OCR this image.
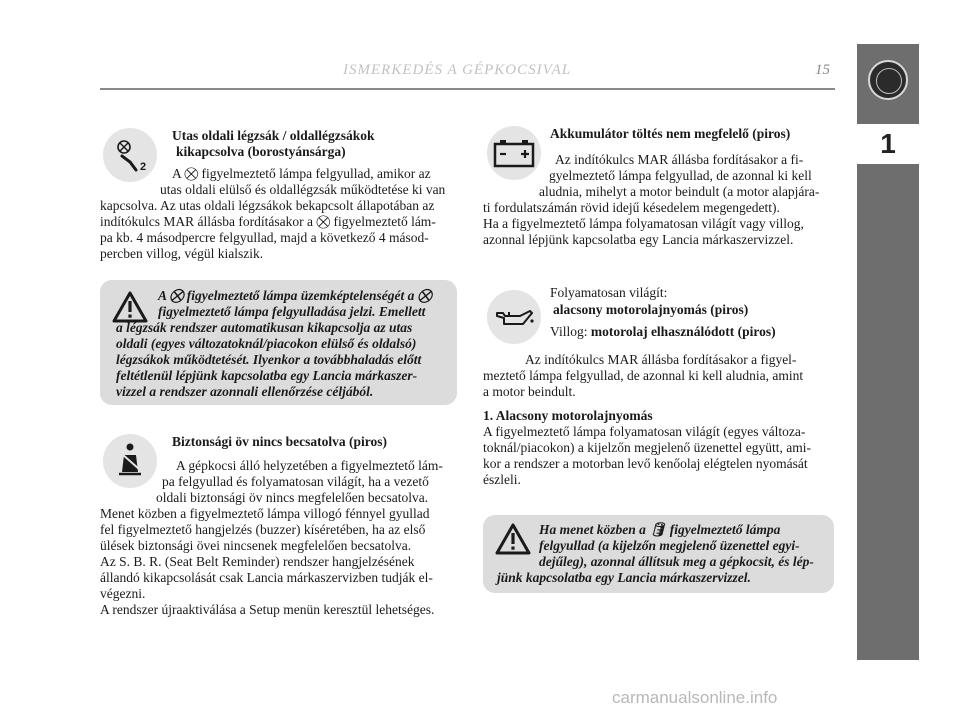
ISMERKEDÉS A GÉPKOCSIVAL	15
1
2
Utas oldali légzsák / oldallégzsákok
kikapcsolva (borostyánsárga)
A ⛒ figyelmeztető lámpa felgyullad, amikor az
utas oldali elülső és oldallégzsák működtetése ki van
kapcsolva. Az utas oldali légzsákok bekapcsolt állapotában az
indítókulcs MAR állásba fordításakor a ⛒ figyelmeztető lám-
pa kb. 4 másodpercre felgyullad, majd a következő 4 másod-
percben villog, végül kialszik.
A ⛒ figyelmeztető lámpa üzemképtelenségét a ⛒
figyelmeztető lámpa felgyulladása jelzi. Emellett
a légzsák rendszer automatikusan kikapcsolja az utas
oldali (egyes változatoknál/piacokon elülső és oldalsó)
légzsákok működtetését. Ilyenkor a továbbhaladás előtt
feltétlenül lépjünk kapcsolatba egy Lancia márkaszer-
vizzel a rendszer azonnali ellenőrzése céljából.
Biztonsági öv nincs becsatolva (piros)
A gépkocsi álló helyzetében a figyelmeztető lám-
pa felgyullad és folyamatosan világít, ha a vezető
oldali biztonsági öv nincs megfelelően becsatolva.
Menet közben a figyelmeztető lámpa villogó fénnyel gyullad
fel figyelmeztető hangjelzés (buzzer) kíséretében, ha az első
ülések biztonsági övei nincsenek megfelelően becsatolva.
Az S. B. R. (Seat Belt Reminder) rendszer hangjelzésének
állandó kikapcsolását csak Lancia márkaszervizben tudják el-
végezni.
A rendszer újraaktiválása a Setup menün keresztül lehetséges.
Akkumulátor töltés nem megfelelő (piros)
Az indítókulcs MAR állásba fordításakor a fi-
gyelmeztető lámpa felgyullad, de azonnal ki kell
aludnia, mihelyt a motor beindult (a motor alapjára-
ti fordulatszámán rövid idejű késedelem megengedett).
Ha a figyelmeztető lámpa folyamatosan világít vagy villog,
azonnal lépjünk kapcsolatba egy Lancia márkaszervizzel.
Folyamatosan világít:
alacsony motorolajnyomás (piros)
Villog: motorolaj elhasználódott (piros)
Az indítókulcs MAR állásba fordításakor a figyel-
meztető lámpa felgyullad, de azonnal ki kell aludnia, amint
a motor beindult.
1. Alacsony motorolajnyomás
A figyelmeztető lámpa folyamatosan világít (egyes változa-
toknál/piacokon) a kijelzőn megjelenő üzenettel együtt, ami-
kor a rendszer a motorban levő kenőolaj elégtelen nyomását
észleli.
Ha menet közben a 🛢 figyelmeztető lámpa
felgyullad (a kijelzőn megjelenő üzenettel egyi-
dejűleg), azonnal állítsuk meg a gépkocsit, és lép-
jünk kapcsolatba egy Lancia márkaszervizzel.
carmanualsonline.info
